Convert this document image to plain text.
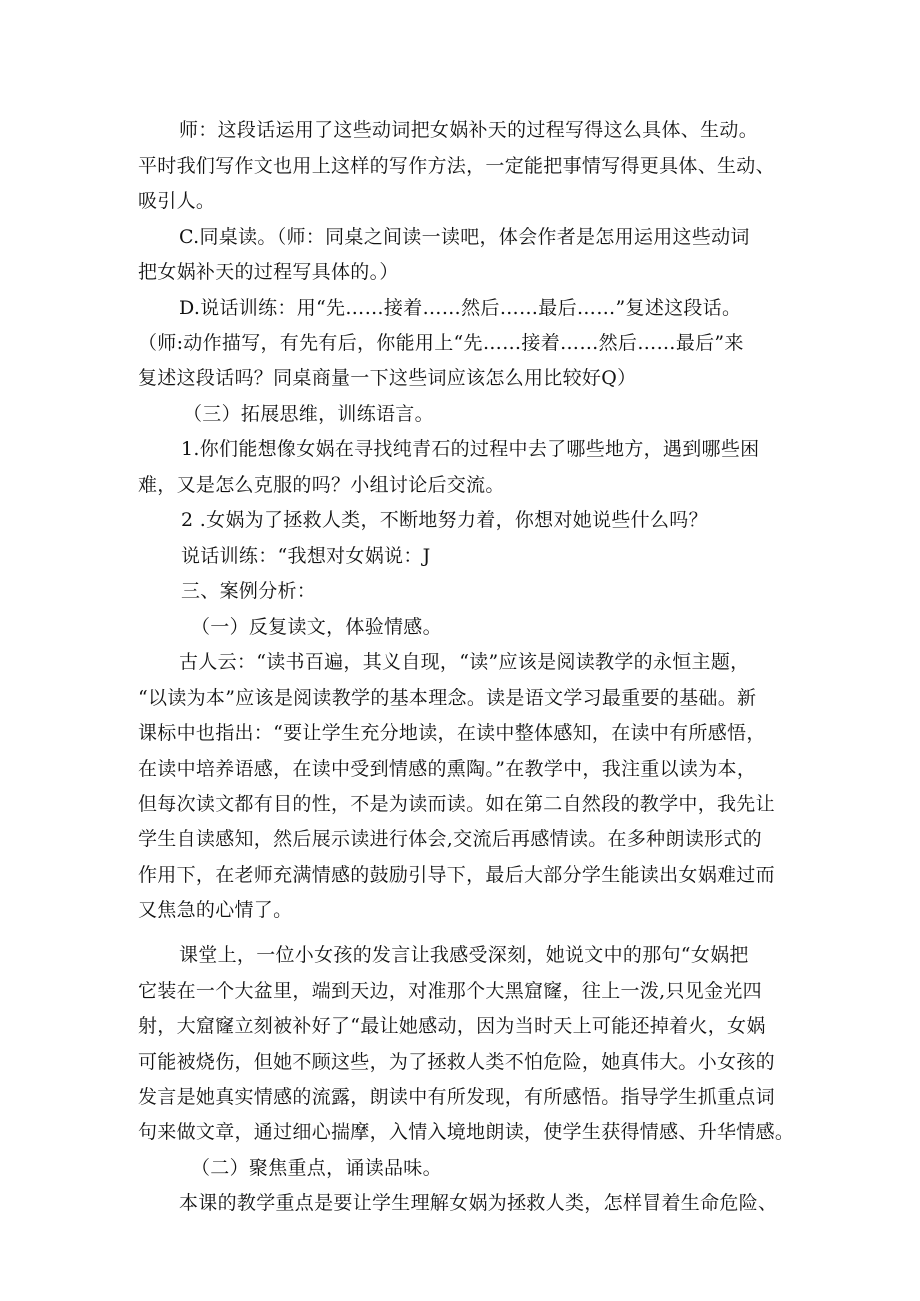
师：这段话运用了这些动词把女娲补天的过程写得这么具体、生动。
平时我们写作文也用上这样的写作方法，一定能把事情写得更具体、生动、
吸引人。
C.同桌读。（师：同桌之间读一读吧，体会作者是怎用运用这些动词
把女娲补天的过程写具体的。）
D.说话训练：用“先……接着……然后……最后……”复述这段话。
（师:动作描写，有先有后，你能用上“先……接着……然后……最后”来
复述这段话吗？同桌商量一下这些词应该怎么用比较好Q）
（三）拓展思维，训练语言。
1.你们能想像女娲在寻找纯青石的过程中去了哪些地方，遇到哪些困
难，又是怎么克服的吗？小组讨论后交流。
2 .女娲为了拯救人类，不断地努力着，你想对她说些什么吗？
说话训练：“我想对女娲说：J
三、案例分析：
（一）反复读文，体验情感。
古人云：“读书百遍，其义自现，“读”应该是阅读教学的永恒主题，
“以读为本”应该是阅读教学的基本理念。读是语文学习最重要的基础。新
课标中也指出：“要让学生充分地读，在读中整体感知，在读中有所感悟，
在读中培养语感，在读中受到情感的熏陶。”在教学中，我注重以读为本，
但每次读文都有目的性，不是为读而读。如在第二自然段的教学中，我先让
学生自读感知，然后展示读进行体会,交流后再感情读。在多种朗读形式的
作用下，在老师充满情感的鼓励引导下，最后大部分学生能读出女娲难过而
又焦急的心情了。
课堂上，一位小女孩的发言让我感受深刻，她说文中的那句“女娲把
它装在一个大盆里，端到天边，对准那个大黑窟窿，往上一泼,只见金光四
射，大窟窿立刻被补好了“最让她感动，因为当时天上可能还掉着火，女娲
可能被烧伤，但她不顾这些，为了拯救人类不怕危险，她真伟大。小女孩的
发言是她真实情感的流露，朗读中有所发现，有所感悟。指导学生抓重点词
句来做文章，通过细心揣摩，入情入境地朗读，使学生获得情感、升华情感。
（二）聚焦重点，诵读品味。
本课的教学重点是要让学生理解女娲为拯救人类，怎样冒着生命危险、
